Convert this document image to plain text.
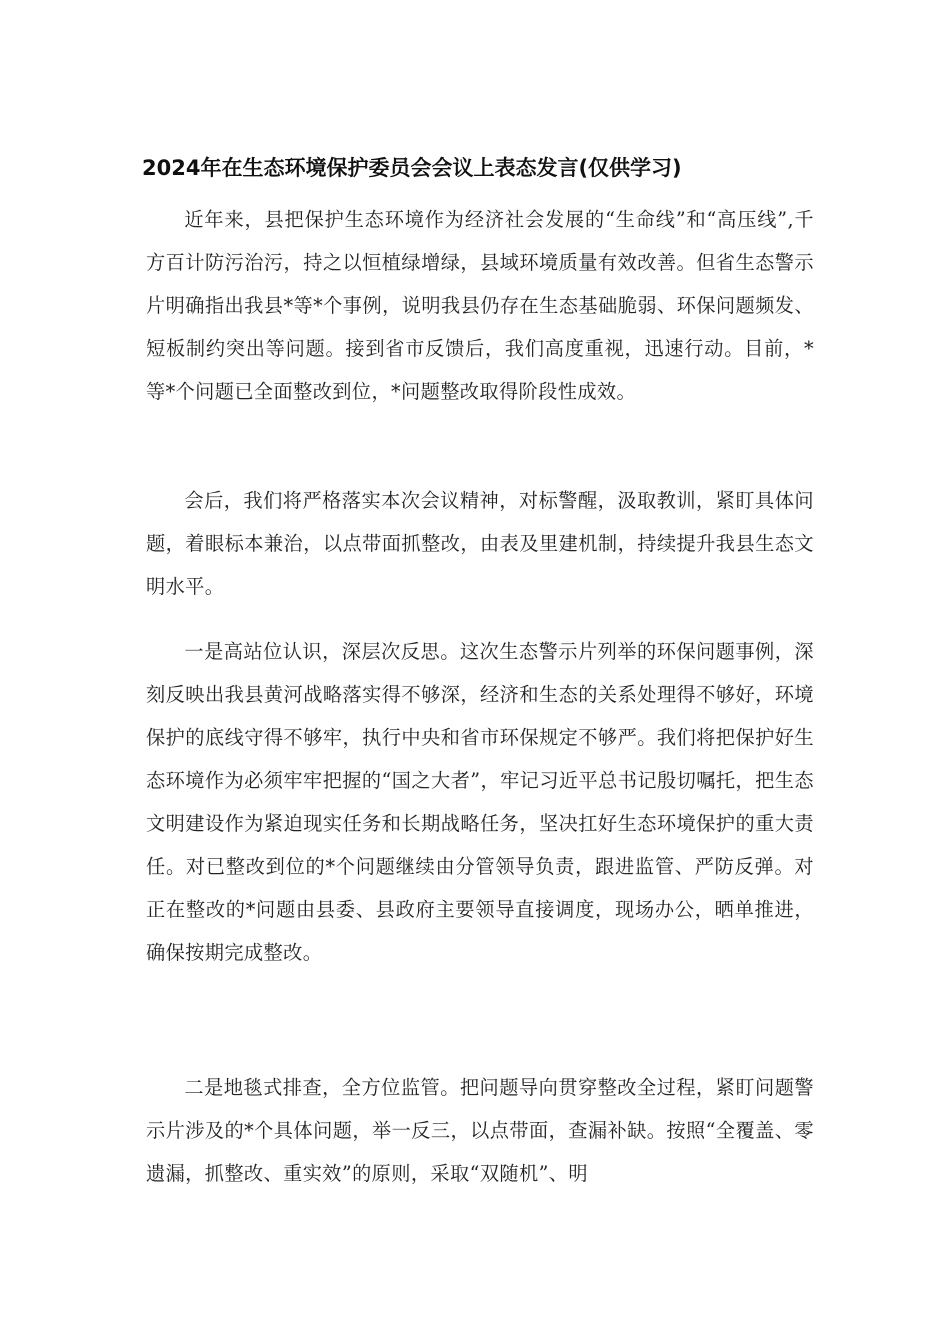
2024年在生态环境保护委员会会议上表态发言(仅供学习)

近年来，县把保护生态环境作为经济社会发展的“生命线”和“高压线”,千方百计防污治污，持之以恒植绿增绿，县域环境质量有效改善。但省生态警示片明确指出我县*等*个事例，说明我县仍存在生态基础脆弱、环保问题频发、短板制约突出等问题。接到省市反馈后，我们高度重视，迅速行动。目前，*等*个问题已全面整改到位，*问题整改取得阶段性成效。

会后，我们将严格落实本次会议精神，对标警醒，汲取教训，紧盯具体问题，着眼标本兼治，以点带面抓整改，由表及里建机制，持续提升我县生态文明水平。

一是高站位认识，深层次反思。这次生态警示片列举的环保问题事例，深刻反映出我县黄河战略落实得不够深，经济和生态的关系处理得不够好，环境保护的底线守得不够牢，执行中央和省市环保规定不够严。我们将把保护好生态环境作为必须牢牢把握的“国之大者”，牢记习近平总书记殷切嘱托，把生态文明建设作为紧迫现实任务和长期战略任务，坚决扛好生态环境保护的重大责任。对已整改到位的*个问题继续由分管领导负责，跟进监管、严防反弹。对正在整改的*问题由县委、县政府主要领导直接调度，现场办公，晒单推进，确保按期完成整改。

二是地毯式排查，全方位监管。把问题导向贯穿整改全过程，紧盯问题警示片涉及的*个具体问题，举一反三，以点带面，查漏补缺。按照“全覆盖、零遗漏，抓整改、重实效”的原则，采取“双随机”、明
